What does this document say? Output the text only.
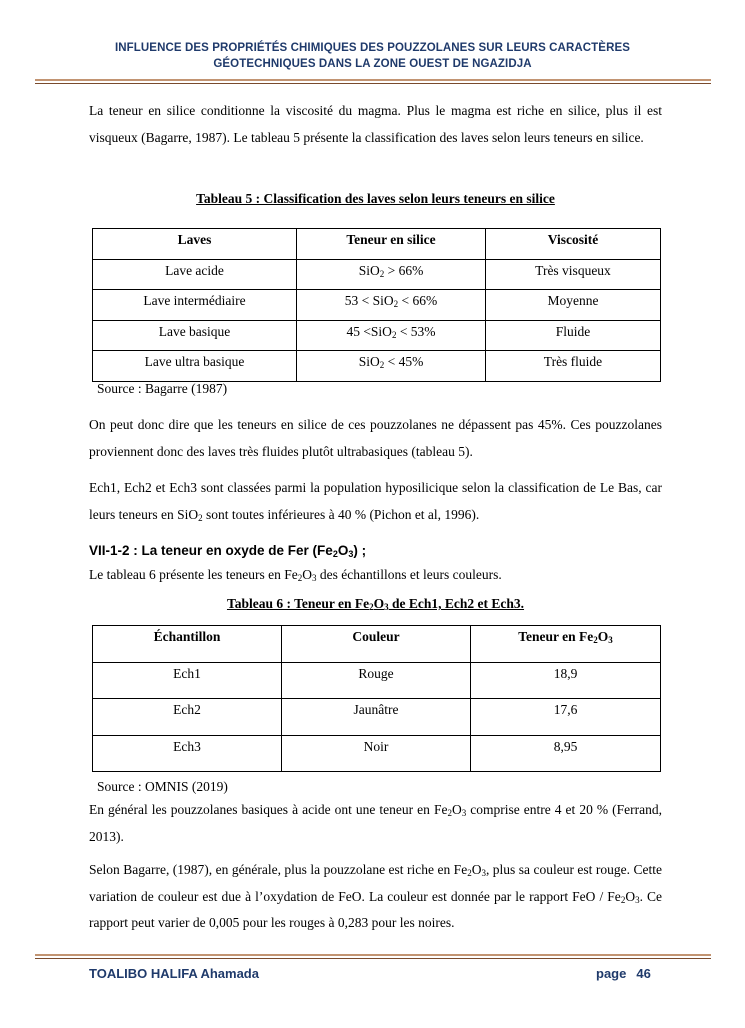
INFLUENCE DES PROPRIÉTÉS CHIMIQUES DES POUZZOLANES SUR LEURS CARACTÈRES
GÉOTECHNIQUES DANS LA ZONE OUEST DE NGAZIDJA

La teneur en silice conditionne la viscosité du magma. Plus le magma est riche en silice, plus il est visqueux (Bagarre, 1987). Le tableau 5 présente la classification des laves selon leurs teneurs en silice.

Tableau 5 : Classification des laves selon leurs teneurs en silice
Laves	Teneur en silice	Viscosité
Lave acide	SiO$_2$ > 66%	Très visqueux
Lave intermédiaire	53 < SiO$_2$ < 66%	Moyenne
Lave basique	45 <SiO$_2$ < 53%	Fluide
Lave ultra basique	SiO$_2$ < 45%	Très fluide
Source : Bagarre (1987)

On peut donc dire que les teneurs en silice de ces pouzzolanes ne dépassent pas 45%. Ces pouzzolanes proviennent donc des laves très fluides plutôt ultrabasiques (tableau 5).

Ech1, Ech2 et Ech3 sont classées parmi la population hyposilicique selon la classification de Le Bas, car leurs teneurs en SiO$_2$ sont toutes inférieures à 40 % (Pichon et al, 1996).

VII-1-2 : La teneur en oxyde de Fer $(Fe_2O_3)$ ;

Le tableau 6 présente les teneurs en $Fe_2O_3$ des échantillons et leurs couleurs.

Tableau 6 : Teneur en $Fe_2O_3$ de Ech1, Ech2 et Ech3.
Échantillon	Couleur	Teneur en $Fe_2O_3$
Ech1	Rouge	18,9
Ech2	Jaunâtre	17,6
Ech3	Noir	8,95
Source : OMNIS (2019)

En général les pouzzolanes basiques à acide ont une teneur en $Fe_2O_3$ comprise entre 4 et 20 % (Ferrand, 2013).

Selon Bagarre, (1987), en générale, plus la pouzzolane est riche en $Fe_2O_3$, plus sa couleur est rouge. Cette variation de couleur est due à l’oxydation de FeO. La couleur est donnée par le rapport FeO / $Fe_2O_3$. Ce rapport peut varier de 0,005 pour les rouges à 0,283 pour les noires.

TOALIBO HALIFA Ahamada	page 46
